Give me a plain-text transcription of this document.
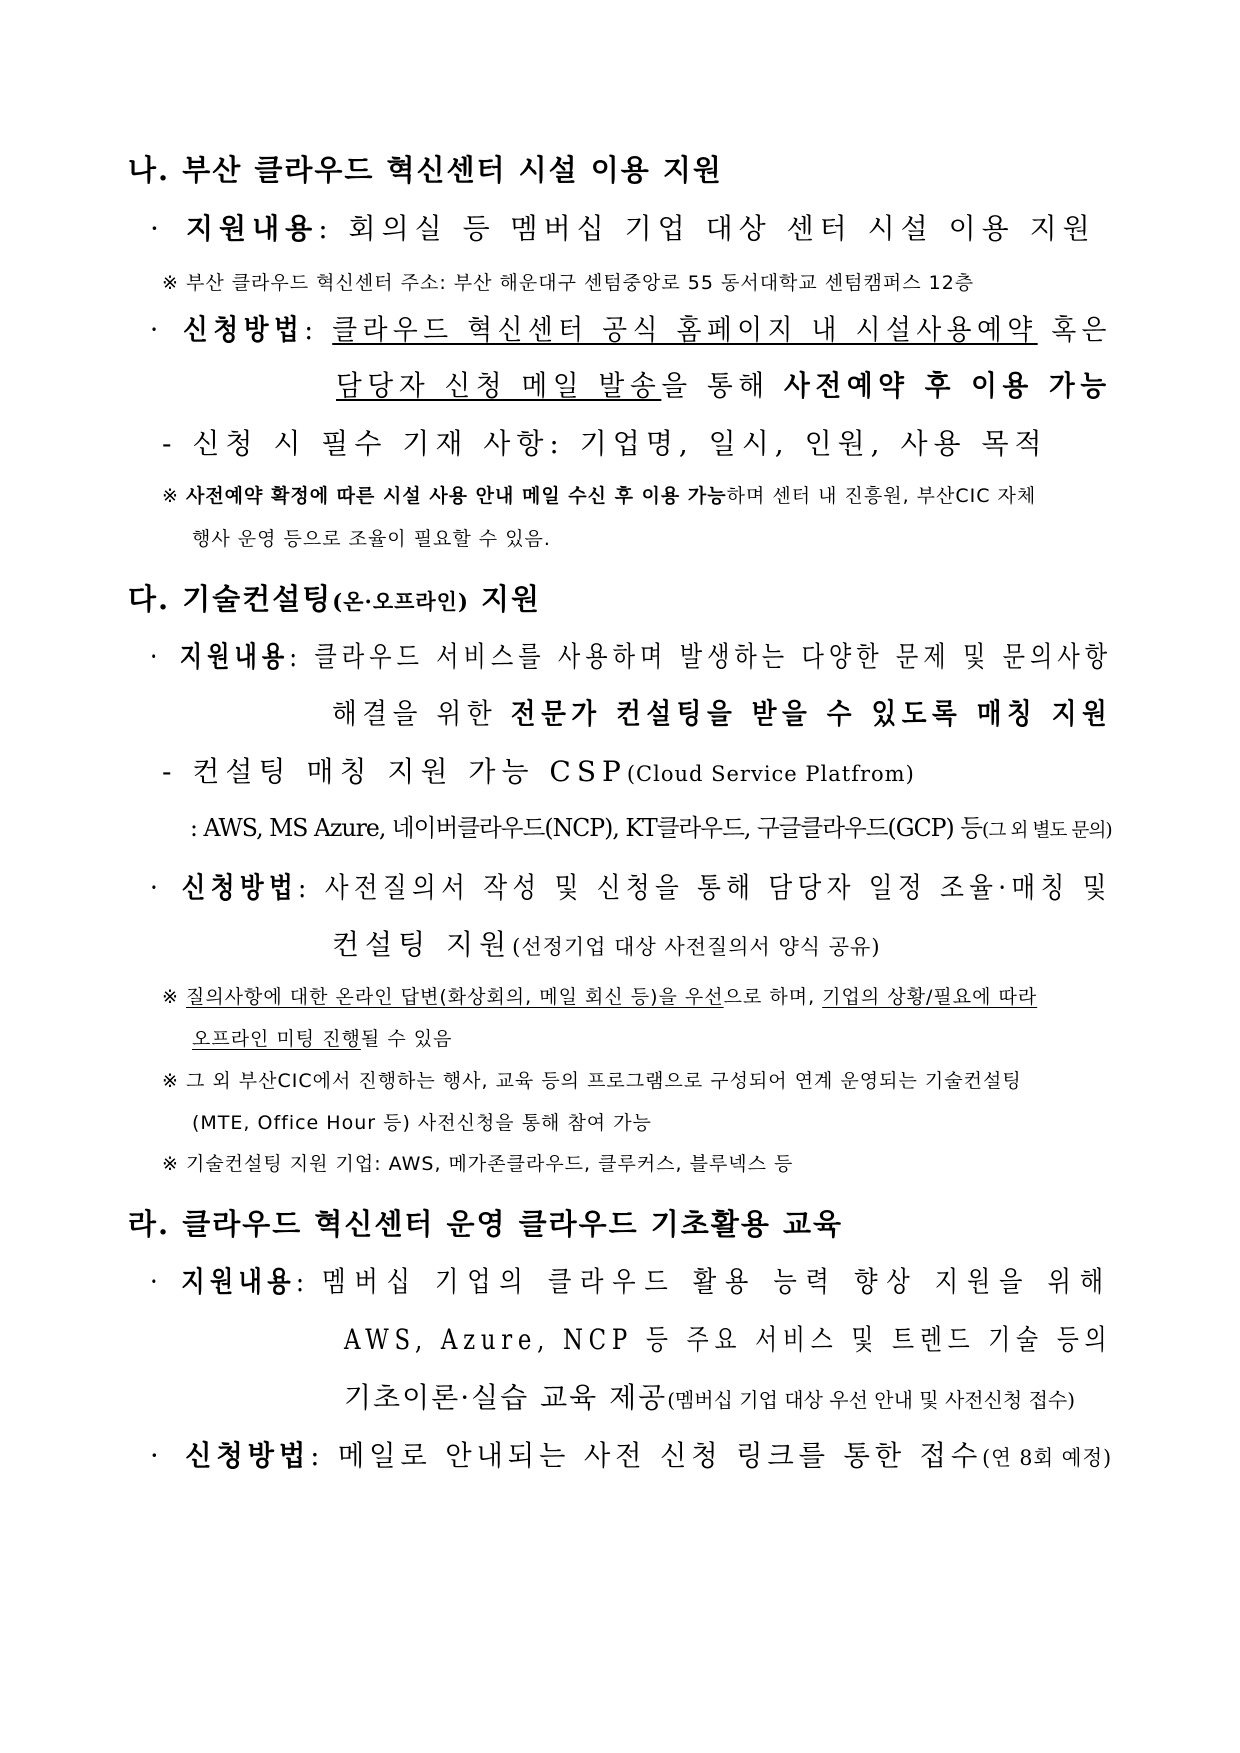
나. 부산 클라우드 혁신센터 시설 이용 지원
· 지원내용: 회의실 등 멤버십 기업 대상 센터 시설 이용 지원
※ 부산 클라우드 혁신센터 주소: 부산 해운대구 센텀중앙로 55 동서대학교 센텀캠퍼스 12층
· 신청방법: 클라우드 혁신센터 공식 홈페이지 내 시설사용예약 혹은
담당자 신청 메일 발송을 통해 사전예약 후 이용 가능
- 신청 시 필수 기재 사항: 기업명, 일시, 인원, 사용 목적
※ 사전예약 확정에 따른 시설 사용 안내 메일 수신 후 이용 가능하며 센터 내 진흥원, 부산CIC 자체
행사 운영 등으로 조율이 필요할 수 있음.
다. 기술컨설팅(온·오프라인) 지원
· 지원내용: 클라우드 서비스를 사용하며 발생하는 다양한 문제 및 문의사항
해결을 위한 전문가 컨설팅을 받을 수 있도록 매칭 지원
- 컨설팅 매칭 지원 가능 CSP(Cloud Service Platfrom)
: AWS, MS Azure, 네이버클라우드(NCP), KT클라우드, 구글클라우드(GCP) 등(그 외 별도 문의)
· 신청방법: 사전질의서 작성 및 신청을 통해 담당자 일정 조율·매칭 및
컨설팅 지원(선정기업 대상 사전질의서 양식 공유)
※ 질의사항에 대한 온라인 답변(화상회의, 메일 회신 등)을 우선으로 하며, 기업의 상황/필요에 따라
오프라인 미팅 진행될 수 있음
※ 그 외 부산CIC에서 진행하는 행사, 교육 등의 프로그램으로 구성되어 연계 운영되는 기술컨설팅
(MTE, Office Hour 등) 사전신청을 통해 참여 가능
※ 기술컨설팅 지원 기업: AWS, 메가존클라우드, 클루커스, 블루넥스 등
라. 클라우드 혁신센터 운영 클라우드 기초활용 교육
· 지원내용: 멤버십 기업의 클라우드 활용 능력 향상 지원을 위해
AWS, Azure, NCP 등 주요 서비스 및 트렌드 기술 등의
기초이론·실습 교육 제공(멤버십 기업 대상 우선 안내 및 사전신청 접수)
· 신청방법: 메일로 안내되는 사전 신청 링크를 통한 접수(연 8회 예정)
